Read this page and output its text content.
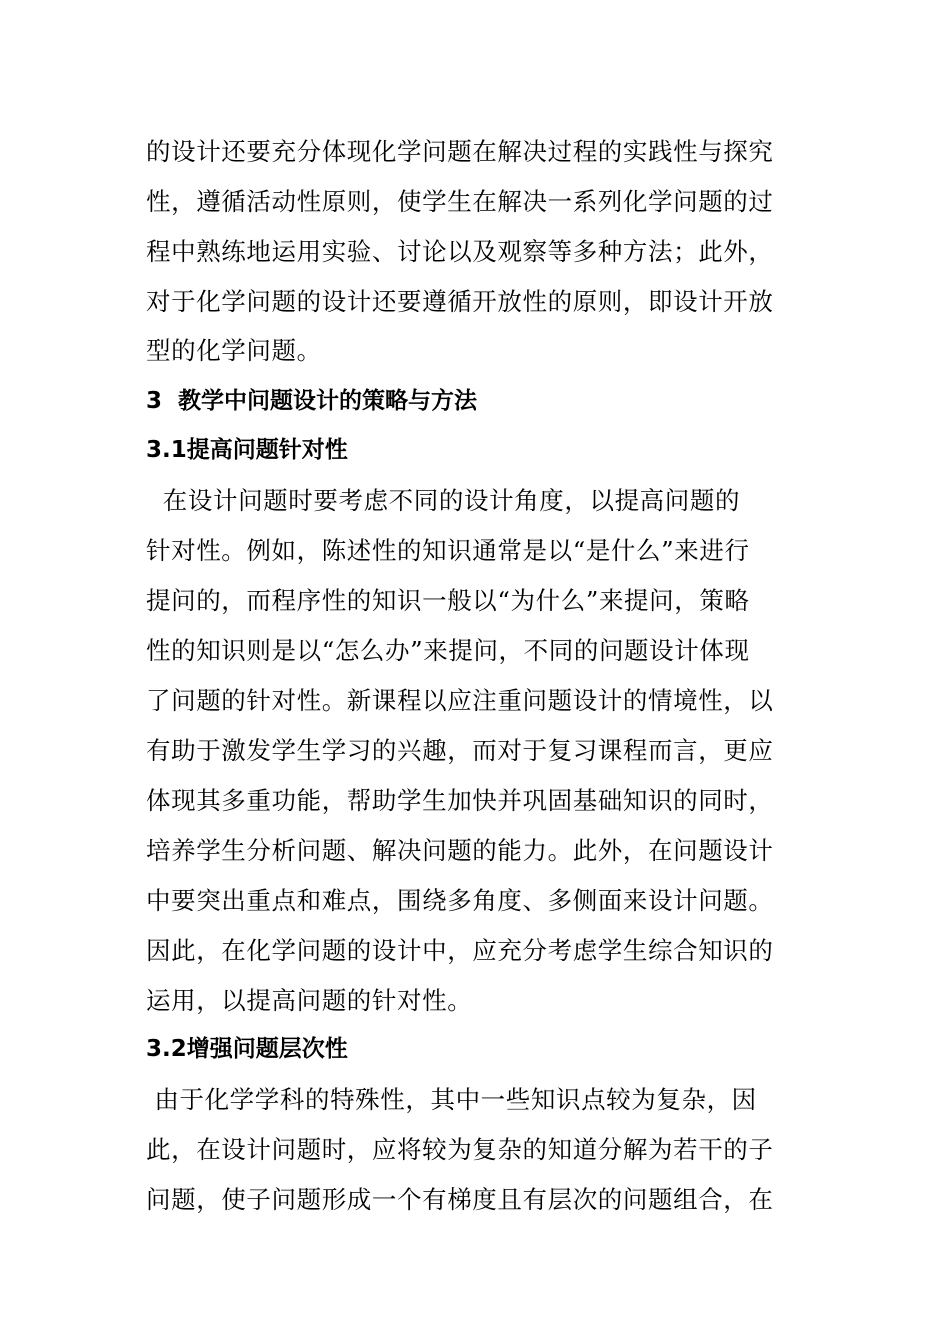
的设计还要充分体现化学问题在解决过程的实践性与探究
性，遵循活动性原则，使学生在解决一系列化学问题的过
程中熟练地运用实验、讨论以及观察等多种方法；此外，
对于化学问题的设计还要遵循开放性的原则，即设计开放
型的化学问题。
3  教学中问题设计的策略与方法
3.1提高问题针对性
在设计问题时要考虑不同的设计角度，以提高问题的
针对性。例如，陈述性的知识通常是以“是什么”来进行
提问的，而程序性的知识一般以“为什么”来提问，策略
性的知识则是以“怎么办”来提问，不同的问题设计体现
了问题的针对性。新课程以应注重问题设计的情境性，以
有助于激发学生学习的兴趣，而对于复习课程而言，更应
体现其多重功能，帮助学生加快并巩固基础知识的同时，
培养学生分析问题、解决问题的能力。此外，在问题设计
中要突出重点和难点，围绕多角度、多侧面来设计问题。
因此，在化学问题的设计中，应充分考虑学生综合知识的
运用，以提高问题的针对性。
3.2增强问题层次性
由于化学学科的特殊性，其中一些知识点较为复杂，因
此，在设计问题时，应将较为复杂的知道分解为若干的子
问题，使子问题形成一个有梯度且有层次的问题组合，在
